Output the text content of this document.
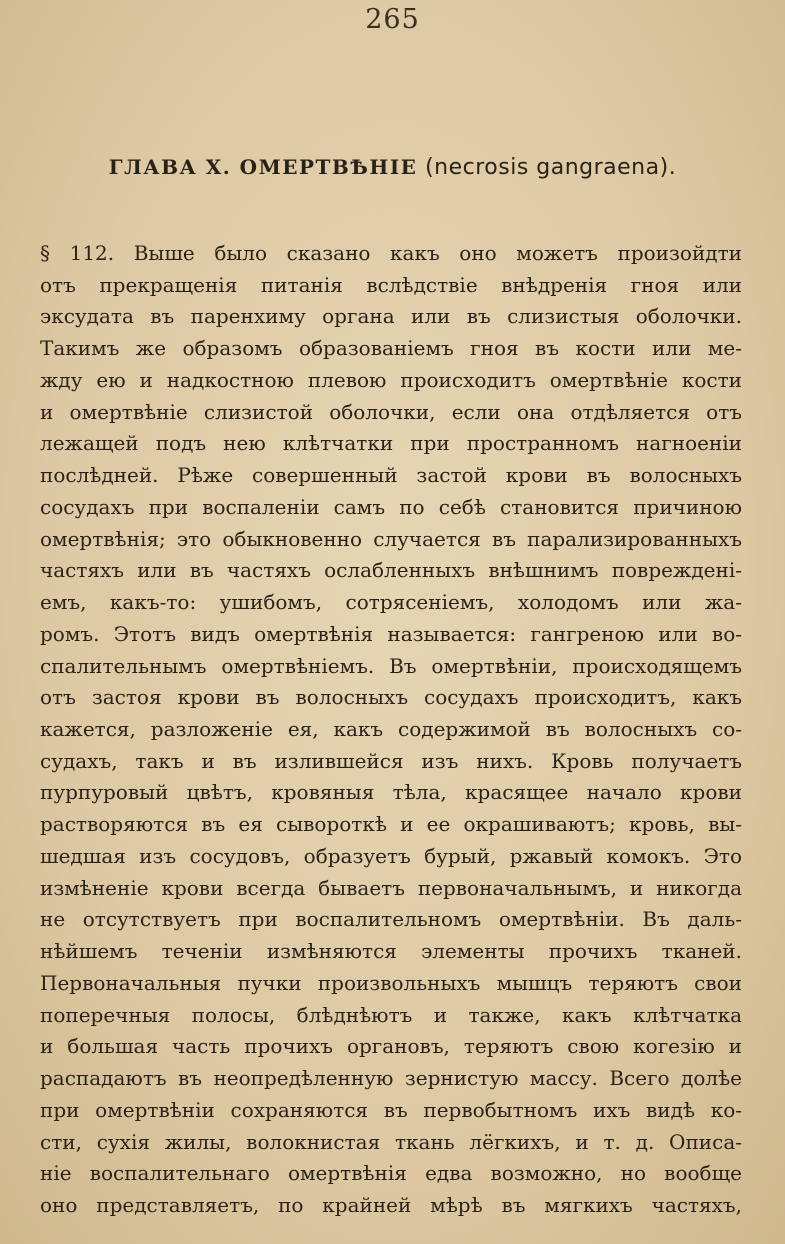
265
ГЛАВА X. ОМЕРТВѢНІЕ (necrosis gangraena).
§ 112. Выше было сказано какъ оно можетъ произойдти
отъ прекращенія питанія вслѣдствіе внѣдренія гноя или
эксудата въ паренхиму органа или въ слизистыя оболочки.
Такимъ же образомъ образованіемъ гноя въ кости или ме-
жду ею и надкостною плевою происходитъ омертвѣніе кости
и омертвѣніе слизистой оболочки, если она отдѣляется отъ
лежащей подъ нею клѣтчатки при пространномъ нагноеніи
послѣдней. Рѣже совершенный застой крови въ волосныхъ
сосудахъ при воспаленіи самъ по себѣ становится причиною
омертвѣнія; это обыкновенно случается въ парализированныхъ
частяхъ или въ частяхъ ослабленныхъ внѣшнимъ поврежденi-
емъ, какъ-то: ушибомъ, сотрясеніемъ, холодомъ или жа-
ромъ. Этотъ видъ омертвѣнія называется: гангреною или во-
спалительнымъ омертвѣніемъ. Въ омертвѣніи, происходящемъ
отъ застоя крови въ волосныхъ сосудахъ происходитъ, какъ
кажется, разложеніе ея, какъ содержимой въ волосныхъ со-
судахъ, такъ и въ излившейся изъ нихъ. Кровь получаетъ
пурпуровый цвѣтъ, кровяныя тѣла, красящее начало крови
растворяются въ ея сывороткѣ и ее окрашиваютъ; кровь, вы-
шедшая изъ сосудовъ, образуетъ бурый, ржавый комокъ. Это
измѣненіе крови всегда бываетъ первоначальнымъ, и никогда
не отсутствуетъ при воспалительномъ омертвѣніи. Въ даль-
нѣйшемъ теченіи измѣняются элементы прочихъ тканей.
Первоначальныя пучки произвольныхъ мышцъ теряютъ свои
поперечныя полосы, блѣднѣютъ и также, какъ клѣтчатка
и большая часть прочихъ органовъ, теряютъ свою когезію и
распадаютъ въ неопредѣленную зернистую массу. Всего долѣе
при омертвѣніи сохраняются въ первобытномъ ихъ видѣ ко-
сти, сухія жилы, волокнистая ткань лёгкихъ, и т. д. Описа-
ніе воспалительнаго омертвѣнія едва возможно, но вообще
оно представляетъ, по крайней мѣрѣ въ мягкихъ частяхъ,
